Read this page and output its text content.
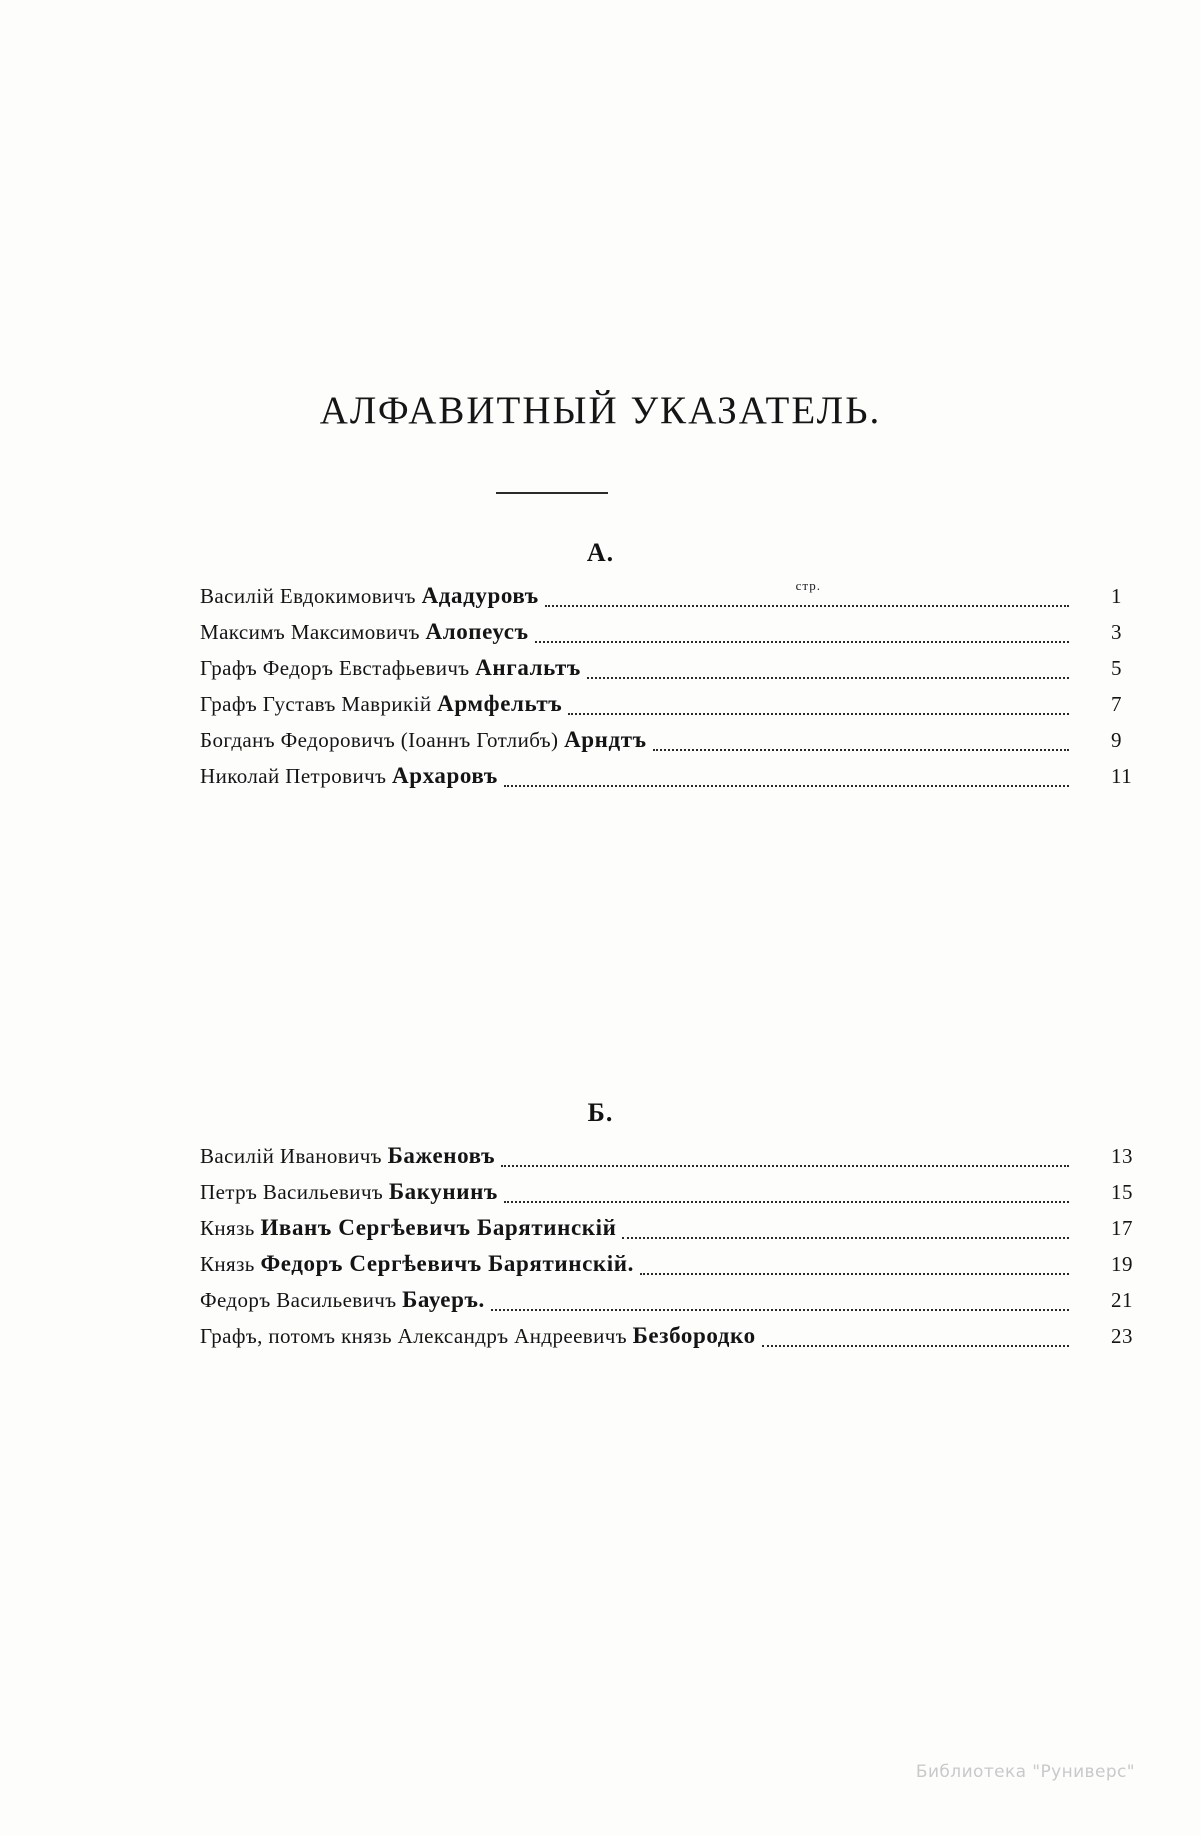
АЛФАВИТНЫЙ УКАЗАТЕЛЬ.
А.
стр.
Василій Евдокимовичъ Ададуровъ	1
Максимъ Максимовичъ Алопеусъ	3
Графъ Федоръ Евстафьевичъ Ангальтъ	5
Графъ Густавъ Маврикій Армфельтъ	7
Богданъ Федоровичъ (Іоаннъ Готлибъ) Арндтъ	9
Николай Петровичъ Архаровъ	11
Б.
Василій Ивановичъ Баженовъ	13
Петръ Васильевичъ Бакунинъ	15
Князь Иванъ Сергѣевичъ Барятинскій	17
Князь Федоръ Сергѣевичъ Барятинскій.	19
Федоръ Васильевичъ Бауеръ.	21
Графъ, потомъ князь Александръ Андреевичъ Безбородко	23
Библиотека "Руниверс"
